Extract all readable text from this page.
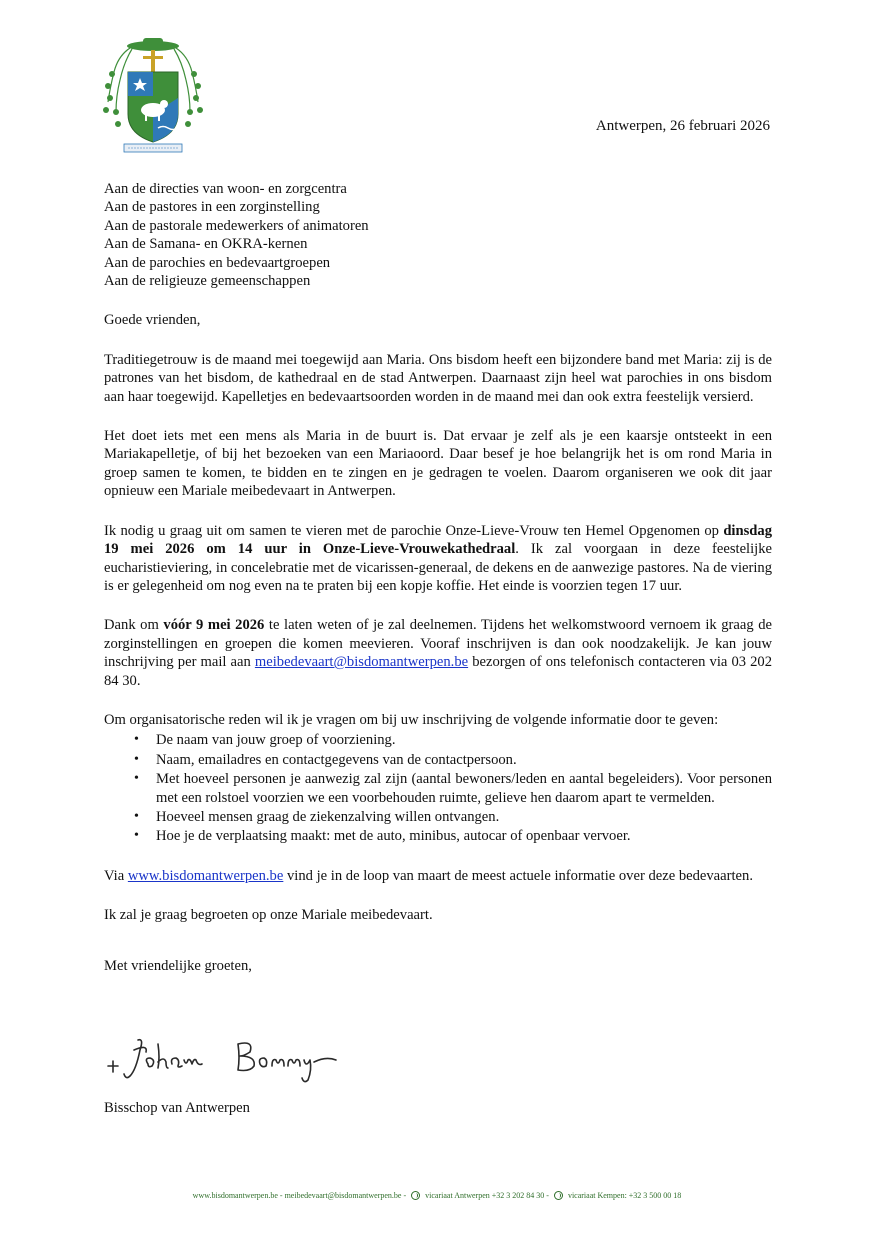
Antwerpen, 26 februari 2026
Aan de directies van woon- en zorgcentra
Aan de pastores in een zorginstelling
Aan de pastorale medewerkers of animatoren
Aan de Samana- en OKRA-kernen
Aan de parochies en bedevaartgroepen
Aan de religieuze gemeenschappen

Goede vrienden,

Traditiegetrouw is de maand mei toegewijd aan Maria. Ons bisdom heeft een bijzondere band met Maria: zij is de patrones van het bisdom, de kathedraal en de stad Antwerpen. Daarnaast zijn heel wat parochies in ons bisdom aan haar toegewijd. Kapelletjes en bedevaartsoorden worden in de maand mei dan ook extra feestelijk versierd.

Het doet iets met een mens als Maria in de buurt is. Dat ervaar je zelf als je een kaarsje ontsteekt in een Mariakapelletje, of bij het bezoeken van een Mariaoord. Daar besef je hoe belangrijk het is om rond Maria in groep samen te komen, te bidden en te zingen en je gedragen te voelen. Daarom organiseren we ook dit jaar opnieuw een Mariale meibedevaart in Antwerpen.

Ik nodig u graag uit om samen te vieren met de parochie Onze-Lieve-Vrouw ten Hemel Opgenomen op dinsdag 19 mei 2026 om 14 uur in Onze-Lieve-Vrouwekathedraal. Ik zal voorgaan in deze feestelijke eucharistieviering, in concelebratie met de vicarissen-generaal, de dekens en de aanwezige pastores. Na de viering is er gelegenheid om nog even na te praten bij een kopje koffie. Het einde is voorzien tegen 17 uur.

Dank om vóór 9 mei 2026 te laten weten of je zal deelnemen. Tijdens het welkomstwoord vernoem ik graag de zorginstellingen en groepen die komen meevieren. Vooraf inschrijven is dan ook noodzakelijk. Je kan jouw inschrijving per mail aan meibedevaart@bisdomantwerpen.be bezorgen of ons telefonisch contacteren via 03 202 84 30.

Om organisatorische reden wil ik je vragen om bij uw inschrijving de volgende informatie door te geven:

• De naam van jouw groep of voorziening.
• Naam, emailadres en contactgegevens van de contactpersoon.
• Met hoeveel personen je aanwezig zal zijn (aantal bewoners/leden en aantal begeleiders). Voor personen met een rolstoel voorzien we een voorbehouden ruimte, gelieve hen daarom apart te vermelden.
• Hoeveel mensen graag de ziekenzalving willen ontvangen.
• Hoe je de verplaatsing maakt: met de auto, minibus, autocar of openbaar vervoer.

Via www.bisdomantwerpen.be vind je in de loop van maart de meest actuele informatie over deze bedevaarten.

Ik zal je graag begroeten op onze Mariale meibedevaart.

Met vriendelijke groeten,

Bisschop van Antwerpen
www.bisdomantwerpen.be - meibedevaart@bisdomantwerpen.be - vicariaat Antwerpen +32 3 202 84 30 - vicariaat Kempen: +32 3 500 00 18
